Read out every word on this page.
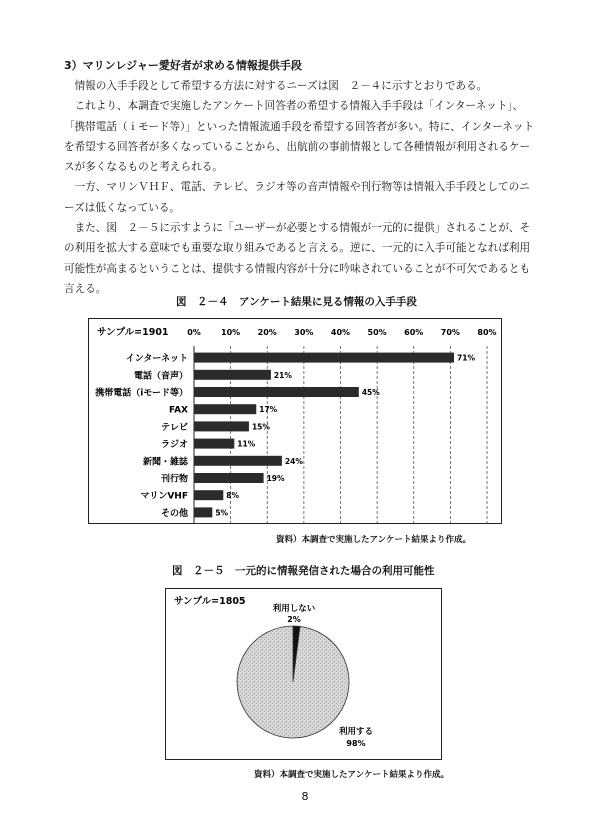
3）マリンレジャー愛好者が求める情報提供手段

情報の入手手段として希望する方法に対するニーズは図　２－４に示すとおりである。

これより、本調査で実施したアンケート回答者の希望する情報入手手段は「インターネット」、「携帯電話（ｉモード等）」といった情報流通手段を希望する回答者が多い。特に、インターネットを希望する回答者が多くなっていることから、出航前の事前情報として各種情報が利用されるケースが多くなるものと考えられる。

一方、マリンＶＨＦ、電話、テレビ、ラジオ等の音声情報や刊行物等は情報入手手段としてのニーズは低くなっている。

また、図　２－５に示すように「ユーザーが必要とする情報が一元的に提供」されることが、その利用を拡大する意味でも重要な取り組みであると言える。逆に、一元的に入手可能となれば利用可能性が高まるということは、提供する情報内容が十分に吟味されていることが不可欠であるとも言える。

図　２－４　アンケート結果に見る情報の入手手段
サンプル=1901 0%	10% 20% 30% 40% 50% 60% 70% 80%
インターネット	71%
電話（音声）	21%
携帯電話（iモード等）	45%
FAX	17%
テレビ	15%
ラジオ	11%
新聞・雑誌	24%
刊行物	19%
マリンVHF	8%
その他	5%
資料）本調査で実施したアンケート結果より作成。
図　２－５　一元的に情報発信された場合の利用可能性
サンプル=1805
利用しない
2%
利用する
98%
資料）本調査で実施したアンケート結果より作成。
8
